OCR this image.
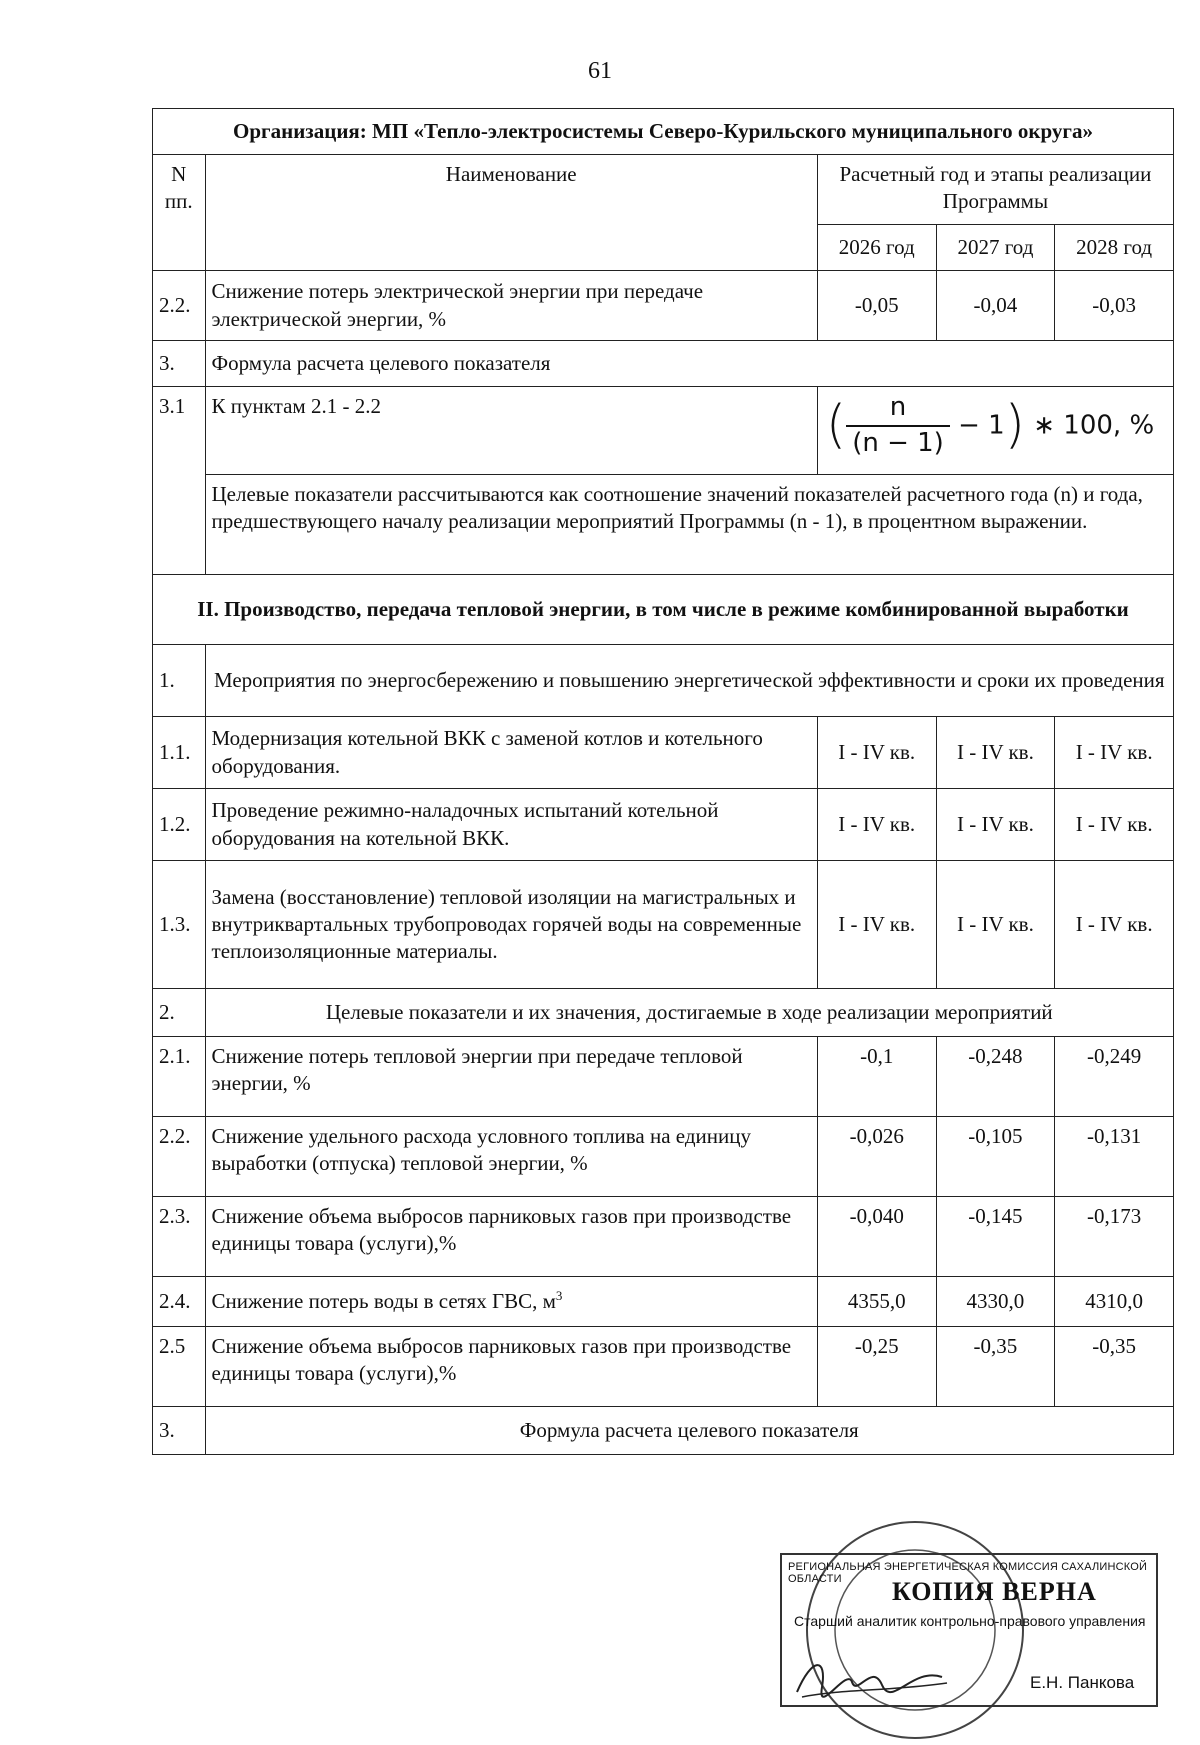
61
Организация: МП «Тепло-электросистемы Северо-Курильского муниципального округа»				
N пп.	Наименование	Расчетный год и этапы реализации Программы		
		2026 год	2027 год	2028 год
2.2.	Снижение потерь электрической энергии при передаче электрической энергии, %	-0,05	-0,04	-0,03
3.	Формула расчета целевого показателя			
3.1	К пунктам 2.1 - 2.2	( $\frac{n}{(n - 1)} - 1$) ∗ 100, %		
	Целевые показатели рассчитываются как соотношение значений показателей расчетного года (n) и года, предшествующего началу реализации мероприятий Программы (n - 1), в процентном выражении.			
II. Производство, передача тепловой энергии, в том числе в режиме комбинированной выработки				
1.	Мероприятия по энергосбережению и повышению энергетической эффективности и сроки их проведения			
1.1.	Модернизация котельной ВКК с заменой котлов и котельного оборудования.	I - IV кв.	I - IV кв.	I - IV кв.
1.2.	Проведение режимно-наладочных испытаний котельной оборудования на котельной ВКК.	I - IV кв.	I - IV кв.	I - IV кв.
1.3.	Замена (восстановление) тепловой изоляции на магистральных и внутриквартальных трубопроводах горячей воды на современные теплоизоляционные материалы.	I - IV кв.	I - IV кв.	I - IV кв.
2.	Целевые показатели и их значения, достигаемые в ходе реализации мероприятий			
2.1.	Снижение потерь тепловой энергии при передаче тепловой энергии, %	-0,1	-0,248	-0,249
2.2.	Снижение удельного расхода условного топлива на единицу выработки (отпуска) тепловой энергии, %	-0,026	-0,105	-0,131
2.3.	Снижение объема выбросов парниковых газов при производстве единицы товара (услуги),%	-0,040	-0,145	-0,173
2.4.	Снижение потерь воды в сетях ГВС, $м^3$	4355,0	4330,0	4310,0
2.5	Снижение объема выбросов парниковых газов при производстве единицы товара (услуги),%	-0,25	-0,35	-0,35
3.	Формула расчета целевого показателя			
РЕГИОНАЛЬНАЯ ЭНЕРГЕТИЧЕСКАЯ КОМИССИЯ САХАЛИНСКОЙ ОБЛАСТИ	КОПИЯ ВЕРНА
Старший аналитик контрольно-правового управления
Е.Н. Панкова
